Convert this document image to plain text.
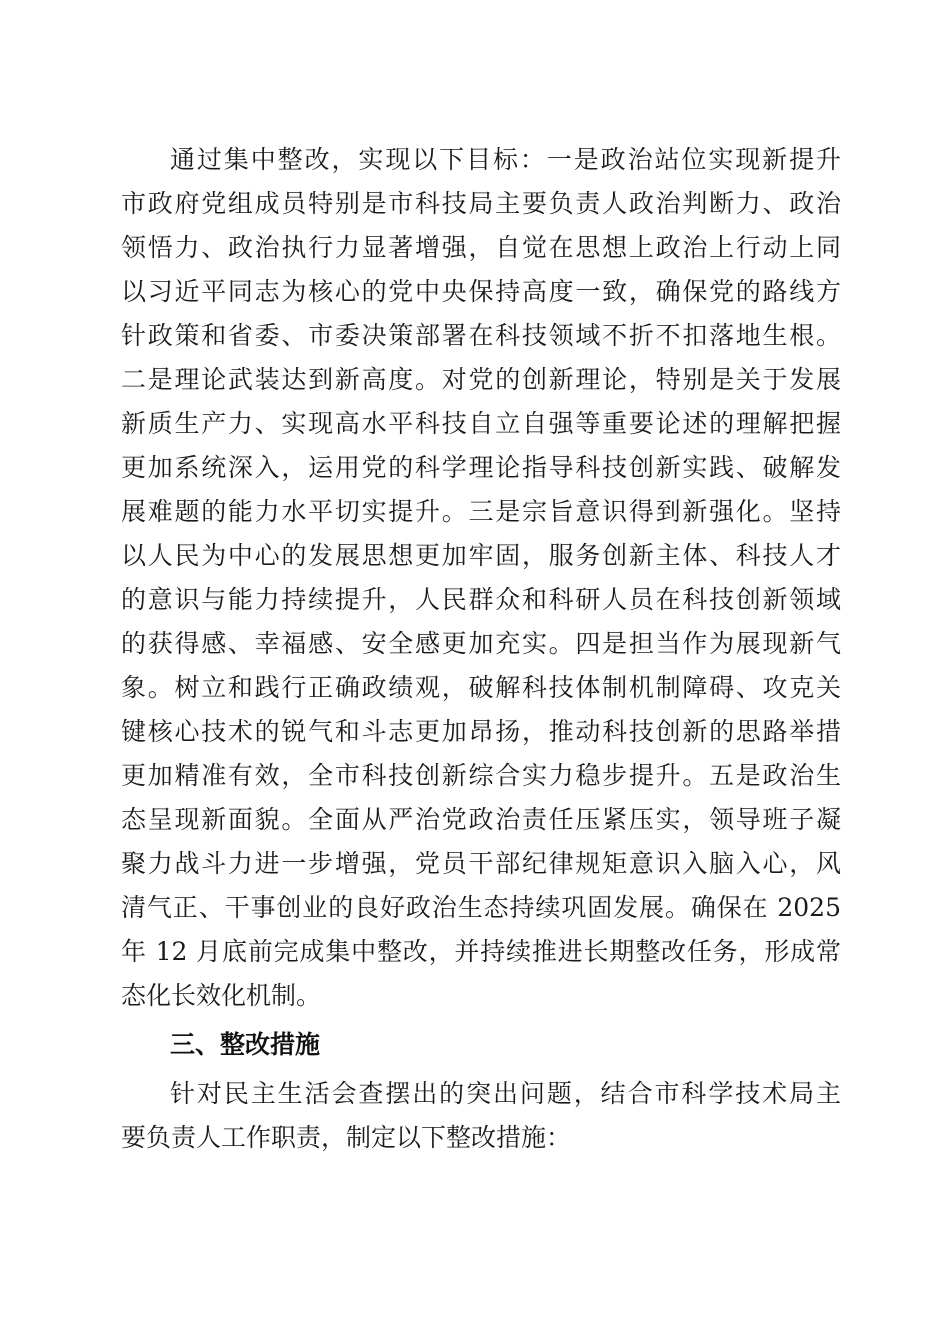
通过集中整改，实现以下目标：一是政治站位实现新提升
市政府党组成员特别是市科技局主要负责人政治判断力、政治
领悟力、政治执行力显著增强，自觉在思想上政治上行动上同
以习近平同志为核心的党中央保持高度一致，确保党的路线方
针政策和省委、市委决策部署在科技领域不折不扣落地生根。
二是理论武装达到新高度。对党的创新理论，特别是关于发展
新质生产力、实现高水平科技自立自强等重要论述的理解把握
更加系统深入，运用党的科学理论指导科技创新实践、破解发
展难题的能力水平切实提升。三是宗旨意识得到新强化。坚持
以人民为中心的发展思想更加牢固，服务创新主体、科技人才
的意识与能力持续提升，人民群众和科研人员在科技创新领域
的获得感、幸福感、安全感更加充实。四是担当作为展现新气
象。树立和践行正确政绩观，破解科技体制机制障碍、攻克关
键核心技术的锐气和斗志更加昂扬，推动科技创新的思路举措
更加精准有效，全市科技创新综合实力稳步提升。五是政治生
态呈现新面貌。全面从严治党政治责任压紧压实，领导班子凝
聚力战斗力进一步增强，党员干部纪律规矩意识入脑入心，风
清气正、干事创业的良好政治生态持续巩固发展。确保在 2025
年 12 月底前完成集中整改，并持续推进长期整改任务，形成常
态化长效化机制。
三、整改措施
针对民主生活会查摆出的突出问题，结合市科学技术局主
要负责人工作职责，制定以下整改措施：
